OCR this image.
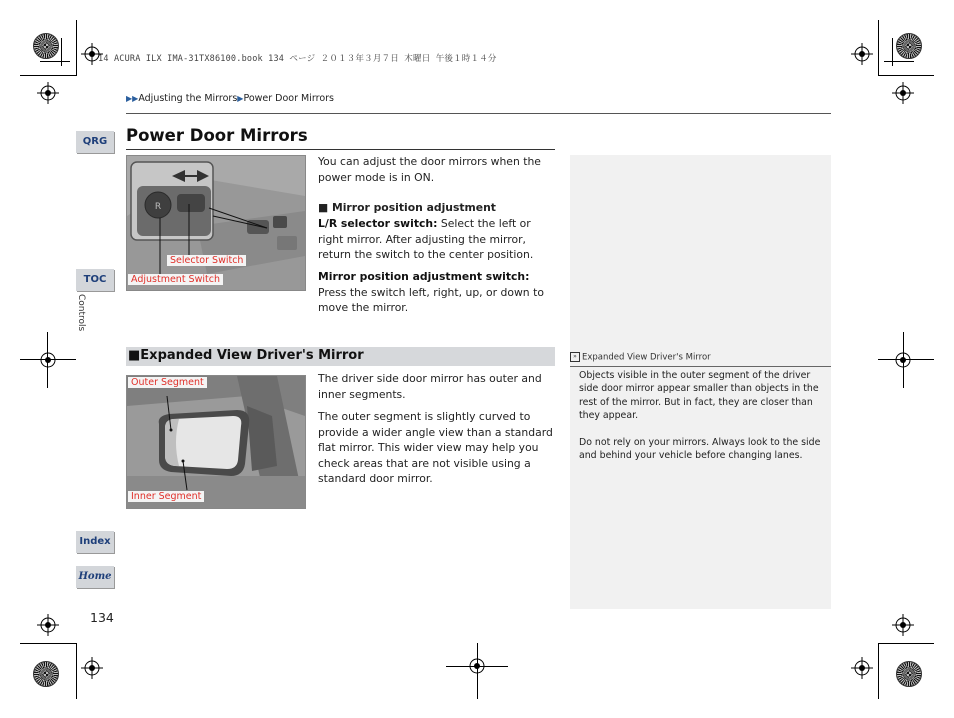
14 ACURA ILX IMA-31TX86100.book 134 ページ ２０１３年３月７日 木曜日 午後１時１４分
▶▶Adjusting the Mirrors▶Power Door Mirrors
QRG
TOC
Controls
Index
Home
Power Door Mirrors
R
Selector Switch
Adjustment Switch
You can adjust the door mirrors when the power mode is in ON.
■ Mirror position adjustment
L/R selector switch: Select the left or right mirror. After adjusting the mirror, return the switch to the center position.
Mirror position adjustment switch: Press the switch left, right, up, or down to move the mirror.
■Expanded View Driver's Mirror
Outer Segment
Inner Segment
The driver side door mirror has outer and inner segments.
The outer segment is slightly curved to provide a wider angle view than a standard flat mirror. This wider view may help you check areas that are not visible using a standard door mirror.
» Expanded View Driver's Mirror
Objects visible in the outer segment of the driver side door mirror appear smaller than objects in the rest of the mirror. But in fact, they are closer than they appear.
Do not rely on your mirrors. Always look to the side and behind your vehicle before changing lanes.
134
